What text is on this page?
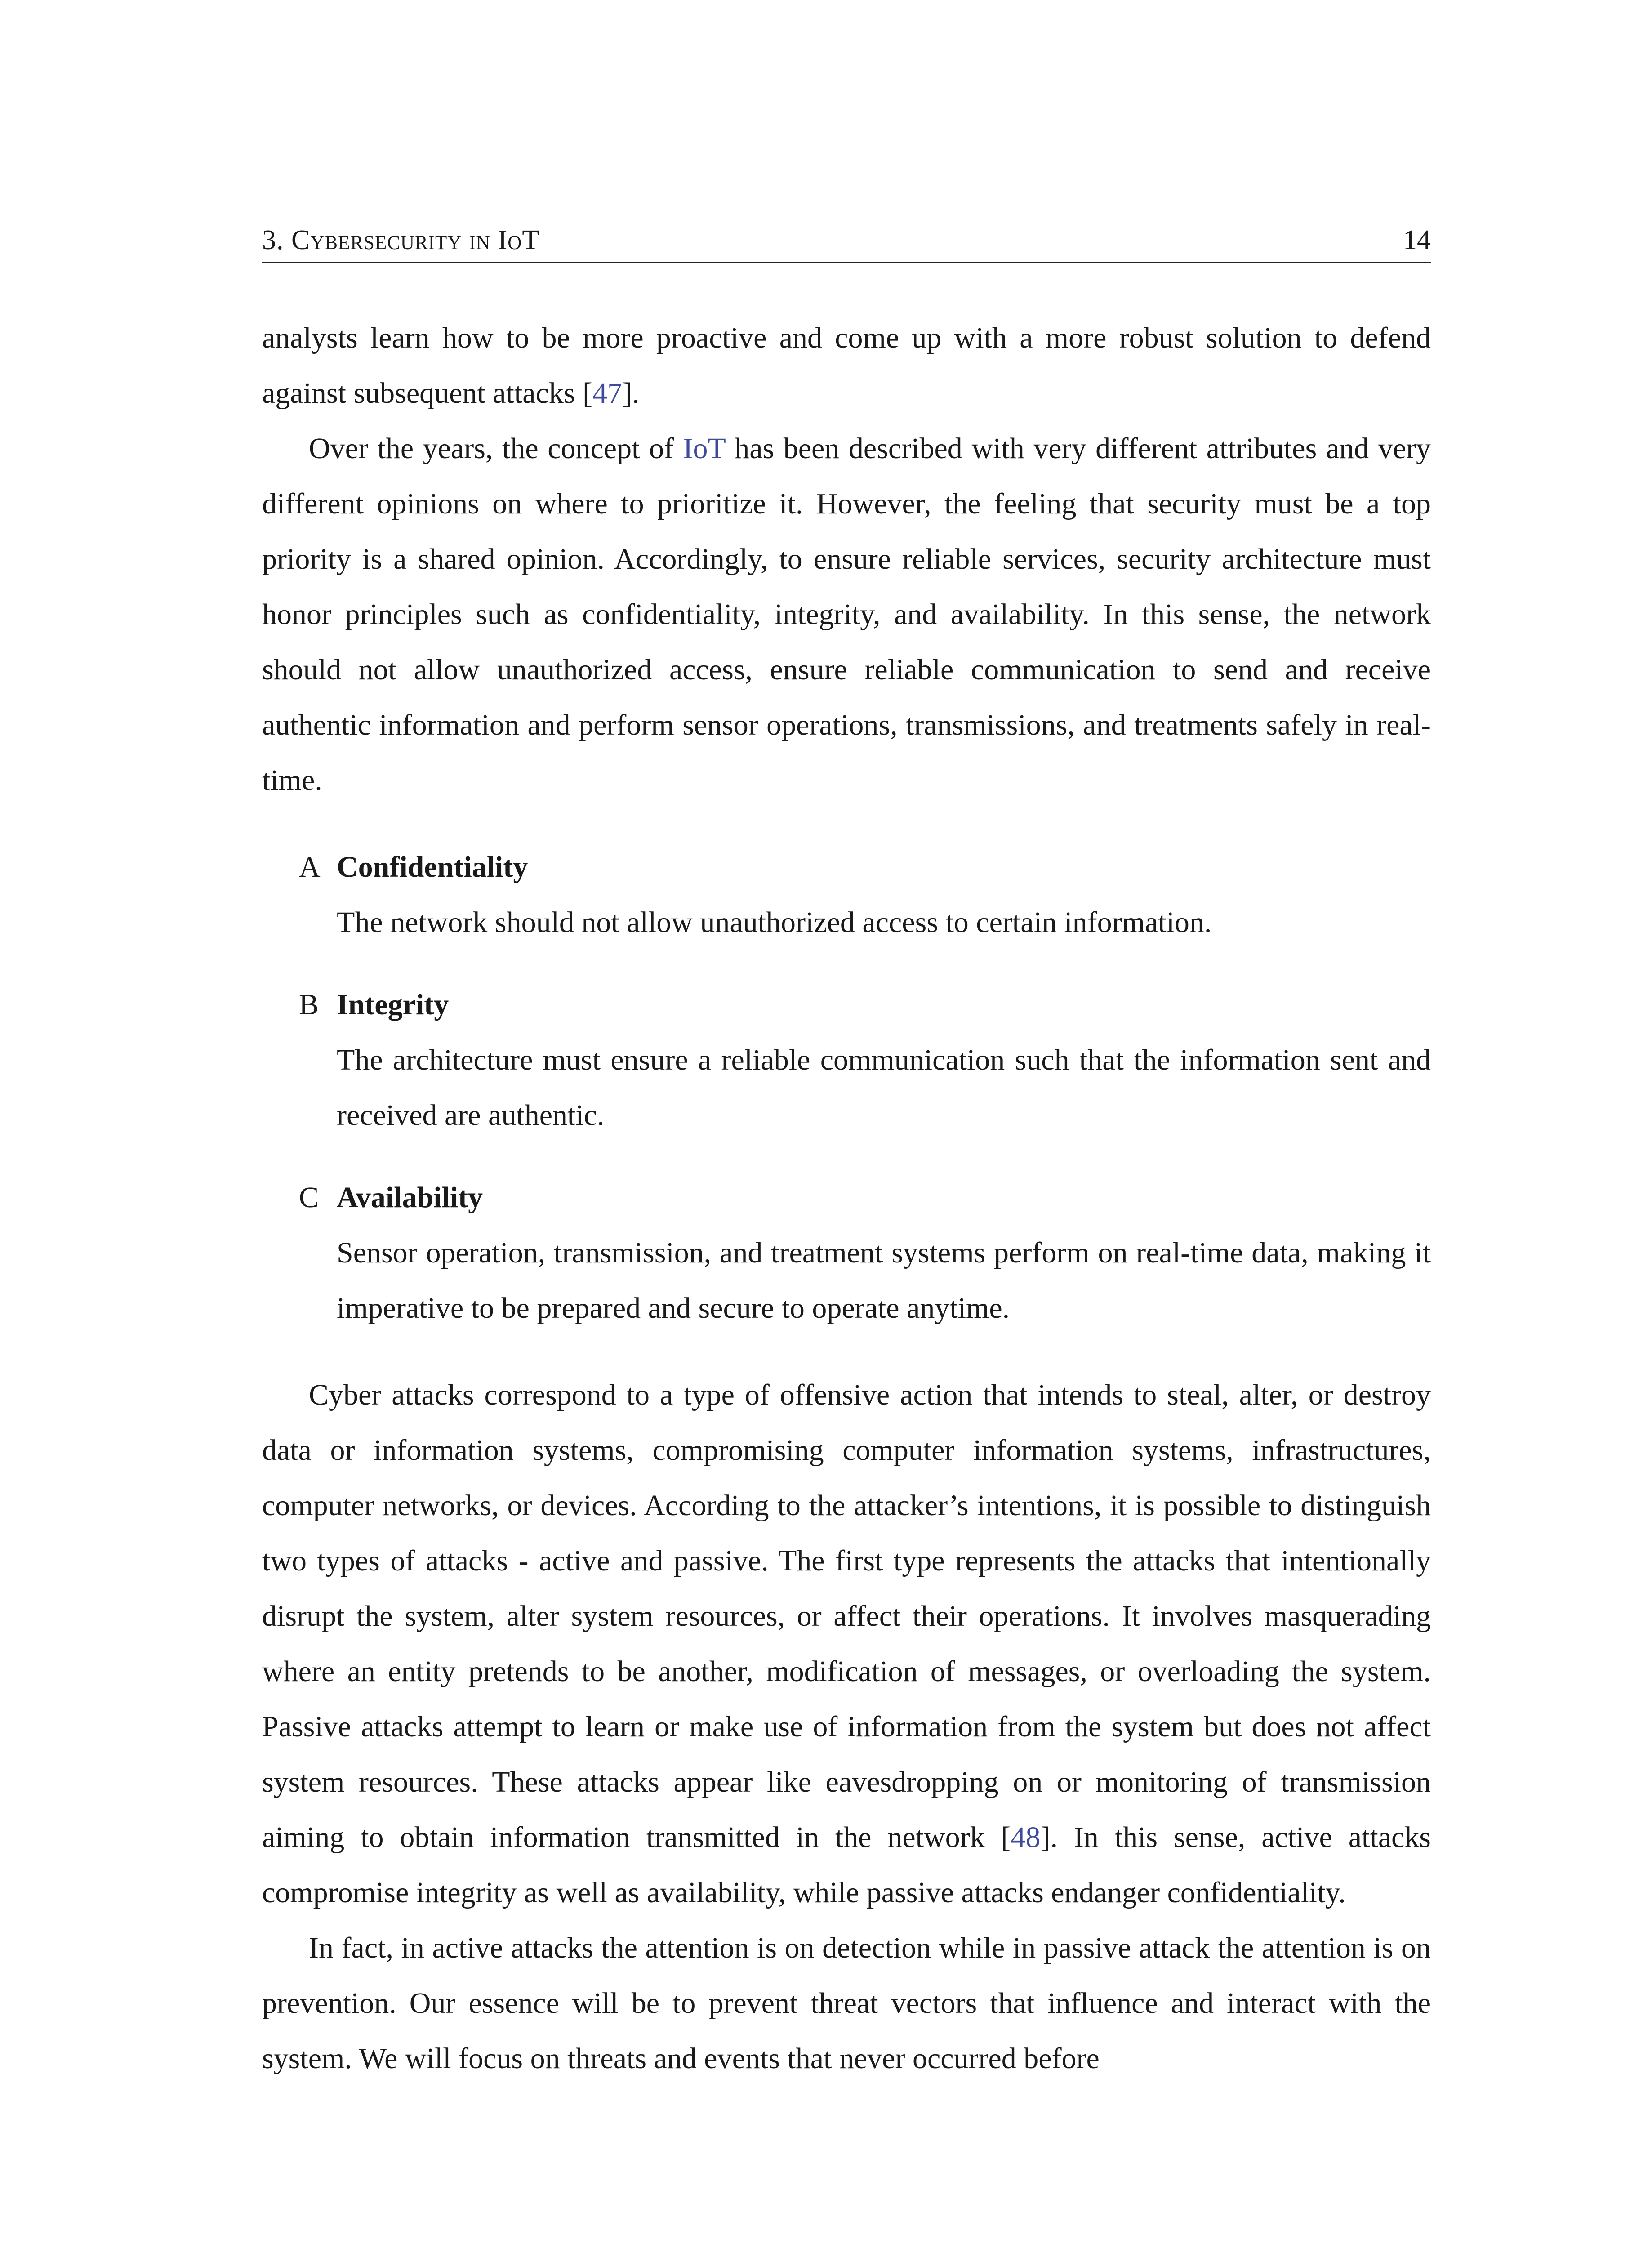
3. Cybersecurity in IoT	14

analysts learn how to be more proactive and come up with a more robust solution to defend against subsequent attacks [47].

Over the years, the concept of IoT has been described with very different attributes and very different opinions on where to prioritize it. However, the feeling that security must be a top priority is a shared opinion. Accordingly, to ensure reliable services, security architecture must honor principles such as confidentiality, integrity, and availability. In this sense, the network should not allow unauthorized access, ensure reliable communication to send and receive authentic information and perform sensor operations, transmissions, and treatments safely in real-time.

A Confidentiality
The network should not allow unauthorized access to certain information.
B Integrity
The architecture must ensure a reliable communication such that the information sent and received are authentic.
C Availability
Sensor operation, transmission, and treatment systems perform on real-time data, making it imperative to be prepared and secure to operate anytime.

Cyber attacks correspond to a type of offensive action that intends to steal, alter, or destroy data or information systems, compromising computer information systems, infrastructures, computer networks, or devices. According to the attacker’s intentions, it is possible to distinguish two types of attacks - active and passive. The first type represents the attacks that intentionally disrupt the system, alter system resources, or affect their operations. It involves masquerading where an entity pretends to be another, modification of messages, or overloading the system. Passive attacks attempt to learn or make use of information from the system but does not affect system resources. These attacks appear like eavesdropping on or monitoring of transmission aiming to obtain information transmitted in the network [48]. In this sense, active attacks compromise integrity as well as availability, while passive attacks endanger confidentiality.

In fact, in active attacks the attention is on detection while in passive attack the attention is on prevention. Our essence will be to prevent threat vectors that influence and interact with the system. We will focus on threats and events that never occurred before
